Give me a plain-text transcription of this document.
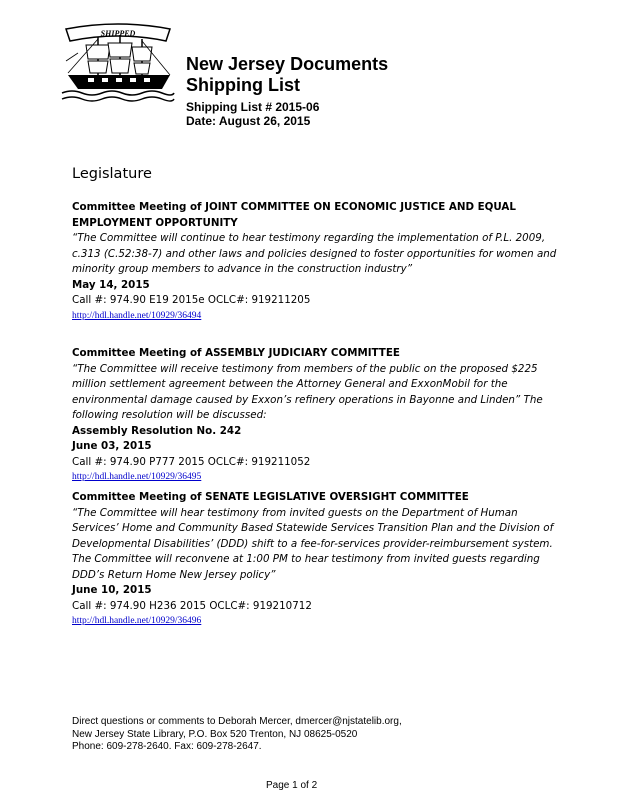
SHIPPED
New Jersey Documents
Shipping List
Shipping List # 2015-06
Date: August 26, 2015
Legislature
Committee Meeting of JOINT COMMITTEE ON ECONOMIC JUSTICE AND EQUAL EMPLOYMENT OPPORTUNITY
“The Committee will continue to hear testimony regarding the implementation of P.L. 2009, c.313 (C.52:38-7) and other laws and policies designed to foster opportunities for women and minority group members to advance in the construction industry”
May 14, 2015
Call #: 974.90 E19 2015e OCLC#: 919211205
http://hdl.handle.net/10929/36494
Committee Meeting of ASSEMBLY JUDICIARY COMMITTEE
“The Committee will receive testimony from members of the public on the proposed $225 million settlement agreement between the Attorney General and ExxonMobil for the environmental damage caused by Exxon’s refinery operations in Bayonne and Linden” The following resolution will be discussed:
Assembly Resolution No. 242
June 03, 2015
Call #: 974.90 P777 2015 OCLC#: 919211052
http://hdl.handle.net/10929/36495
Committee Meeting of SENATE LEGISLATIVE OVERSIGHT COMMITTEE
“The Committee will hear testimony from invited guests on the Department of Human Services’ Home and Community Based Statewide Services Transition Plan and the Division of Developmental Disabilities’ (DDD) shift to a fee-for-services provider-reimbursement system. The Committee will reconvene at 1:00 PM to hear testimony from invited guests regarding DDD’s Return Home New Jersey policy”
June 10, 2015
Call #: 974.90 H236 2015 OCLC#: 919210712
http://hdl.handle.net/10929/36496
Direct questions or comments to Deborah Mercer, dmercer@njstatelib.org,
New Jersey State Library, P.O. Box 520 Trenton, NJ 08625-0520
Phone: 609-278-2640. Fax: 609-278-2647.
Page 1 of 2
